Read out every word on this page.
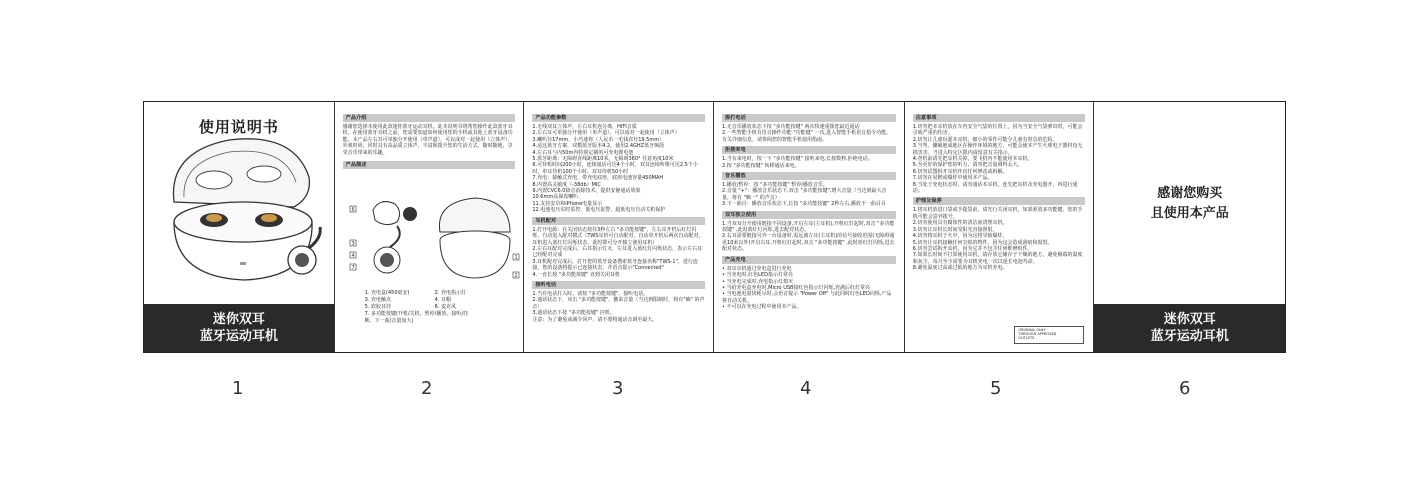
使用说明书
迷你双耳
蓝牙运动耳机
产品介绍

感谢您选择本使用此款迷你蓝牙运动耳机。此本说明书将帮您操作此款蓝牙耳机。在使用蓝牙耳机之前，您需要知道如何使用您的手机或其他上蓝牙设备功能。本产品左右耳可单独分开使用（单声道），可以成对一起使用（立体声），外观时尚，同时具有高品质立体声，丰富和提升您的生活方式，随时随地，享受音乐带来的乐趣。

产品描述
6
3
4
7
1
2
1. 充电盒(450毫安)	2. 充电指示灯
3. 充电触点	4. 耳帽
5. 软胶耳挂	6. 麦克风
7. 多功能按键(开机/关机、暂停/播放、接听/挂断、下一曲/音量加大)
产品功能参数

1.无线双耳立体声，左右耳机连分离，HIFI音质
2.左右耳可单独分开使用（单声道），可以成对一起使用（立体声）
3.喇叭径17mm，小巧迷你（人民币一毛钱直径19.5mm）
4.适这蓝牙方案，双模蓝牙版本4.2，使用2.4GHZ蓝牙频段
4.左右耳与内50m内特别定制的可充电锂电池
5.蓝牙距离：无障碍直线距离10米，无障碍360° 任意角度10米
6.可待机时间200小时，连续通话可达4个小时，双耳连续听歌可达2.5个小时，单耳待机100个小时，双耳待机50小时
7.充电：接触式充电，带充电底座，底座电池容量450MAH
8.内置高灵敏度（-38db）MIC
9.内置CVC6.0降音消除技术，提供安静通话效果
10.6mm高保真喇叭
11.支持安卓和iPhone电量显示
12.电池电压实时监控，低电压报警，超低电压自动关机保护

耳机配对

1.打开电源：在关闭状态按住3秒左右 "多功能按键"，左右耳开机后红灯闪烁，自动进入配对模式（TWS耳机可自动配对，自动单开机后两次自动配对，耳机进入蓝红灯闪烁状态，此时即可分开独立使用耳机）
2.左右耳配对完成后，右耳指示灯灭，左耳进入蓝红灯闪烁状态，表示左右耳已经配对完成
3.耳机配对完成后，打开您的蓝牙设备搜索蓝牙连接名称"TWS-1"，进行连接，您的设备将提示已连接状态，并语音提示"Connected"
4.一直长按 "多功能按键" 直到关闭耳机

接听电话

1.当有电话打入时，请按 "多功能按键"，接听电话。
2.通话状态下，双击 "多功能按键"，撤来音量（当达到限制时，将有"嘀" 的声音）
3.通话状态下按 "多功能按键" 挂机。
注意：为了避免或减少回声，请不要将通话音调至最大。

拨打电话

1.无音乐播放状态下按 "多功能按键" 两次快速重拨您最近通话
2.一些智能手机有语音操作功能 "功能键" 一次,进入智能手机语音指令功能。有关详细信息，请参阅您的智能手机使用指南。

拒接来电

1.当有来电时，按一下 "多功能按键" 接听来电,长按数秒,拒绝电话。
2.按 "多功能按键" 转移通话来电。

音乐播放

1.播放/暂停：按 "多功能按键" 暂停/播放音乐。
2.音量 "+"：播放音乐状态下,双击 "多功能按键",增大音量（当达到最大音量，将有 "嘀一" 的声音）
3.下一曲目：播放音乐状态下,长按 "多功能按键" 2秒左右,播放下一曲目目

双耳独立使用

1.当双耳分开使用链接不同设备,开启左耳(主耳机),开机红灯起时,双击 "多功能按键" ,此时蓝红灯闪烁,进去配对状态。
2.右耳需要链接另外一台设备时,需远离左耳(主耳机)的信号接收范围(无障碍通讯10米以外)开启右耳,开机红灯起时,双击 "多功能按键" ,此时蓝红灯闪烁,进去配对状态。

产品充电

• 双耳耳机通过充电盒进行充电
• 当充电时,红色LED指示灯常亮
• 当充电完成时,充电指示灯熄灭
• 当给充电盒充电时,Micro USB接红色指示灯闪烁,充满后红灯常亮
• 当电池电量快耗尽时,会语音提示 "Power Off" 与此同时红色LED闪烁,产品将自动关机。
• 不可以在充电过程中使用本产品。

注意事项

1.切勿把本耳机放在车内安全气袋的位置上，因为当安全气袋弹出时，可能会引致严重的伤害。
2.切勿让儿童玩耍本耳机，细小的零件可能令儿童有窒息的危险。
3.当驾、骤破地成地区在操作环境的地方，可能会使本产生火球电子器材没无损害害。当进入特定区限内请留意有关指示。
4.登机前请先把耳机关掉，要飞机内不能使用本耳机。
5.为更好的保护您的听力，请勿把音量调得太大。
6.切勿试图拆开耳机作出任何修改或拆解。
7.切勿在易燃或爆炸中使用本产品。
8.当处于充电状态时，请勿通话本耳机。连先把耳机及充电器开，再进行通话。

护理及保养

1.将耳机放进口袋或手提袋前，请先行关闭耳机，如果须放多功能键，您的手机可能会意外拨号。
2.切勿使用具有腐蚀性的清洁液清理耳机。
3.切勿让耳机长时间受阳光直接照射。
4.切勿将耳机于火中，因为这将导致爆炸。
5.切勿让耳机接触任何尖锐的物件，因为这会造成刮痕和损毁。
6.切勿尝试拆开耳机，因为它并不包含任何维修组件。
7.如果长时间不打算使用耳机，请存放它储存于干燥的地方，避免极端的温度和灰尘，每月至少需要为耳机充电一次以延长电池寿命。
8.避免温度过高或过低的地方为耳机充电。

ORIGINAL ONLY
THROUGH APPROVED
OUTLETS
感谢您购买
且使用本产品
迷你双耳
蓝牙运动耳机
1	2	3	4	5	6
